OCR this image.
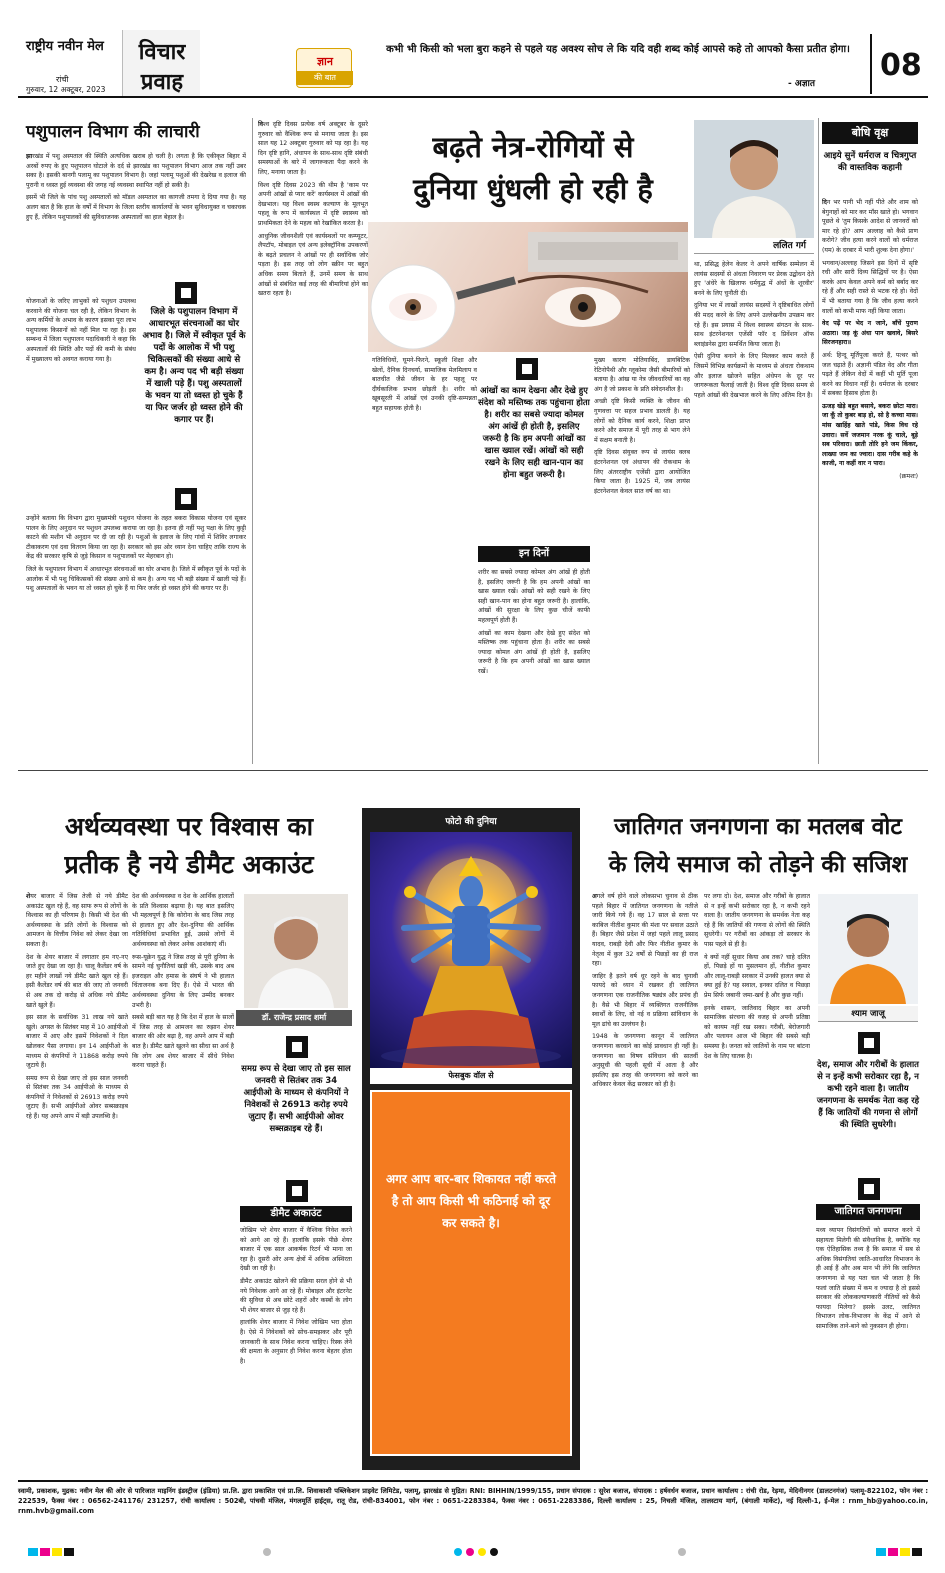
राष्ट्रीय नवीन मेल
रांची
गुरुवार, 12 अक्टूबर, 2023
विचार
प्रवाह
ज्ञान
की बात
कभी भी किसी को भला बुरा कहने से पहले यह अवश्य सोच ले कि यदि वही शब्द कोई आपसे कहे तो आपको कैसा प्रतीत होगा।
- अज्ञात
08
पशुपालन विभाग की लाचारी

झारखंड में पशु अस्पताल की स्थिति अत्यधिक खराब हो चली है। लगता है कि एकीकृत बिहार में अरबों रुपए के हुए पशुपालन घोटाले के दर्द से झारखंड का पशुपालन विभाग आज तक नहीं उबर सका है। इसकी बानगी पलामू का पशुपालन विभाग है। जहां पलामू पशुओं की देखरेख व इलाज की पुरानी व ध्वस्त हुई व्यवस्था की जगह नई व्यवस्था स्थापित नहीं हो सकी है।

इसमें भी जिले के पांच पशु अस्पतालों को मॉडल अस्पताल का कागजी तमगा दे दिया गया है। यह अलग बात है कि हाल के वर्षों में विभाग के जिला स्तरीय कार्यालयों के भवन सुविधायुक्त व चकाचक हुए हैं, लेकिन पशुपालकों की सुविधाजनक अस्पतालों का हाल बेहाल है।

योजनाओं के जरिए लाभुकों को पशुधन उपलब्ध करवाने की योजना चल रही है, लेकिन विभाग के अन्य कर्मियों के अभाव के कारण इसका पूरा लाभ पशुपालक किसानों को नहीं मिल पा रहा है। इस सम्बन्ध में जिला पशुपालन पदाधिकारी ने कहा कि अस्पतालों की स्थिति और पदों की कमी के संबंध में मुख्यालय को अवगत कराया गया है।

जिले के पशुपालन विभाग में आधारभूत संरचनाओं का घोर अभाव है। जिले में स्वीकृत पूर्व के पदों के आलोक में भी पशु चिकित्सकों की संख्या आधे से कम है। अन्य पद भी बड़ी संख्या में खाली पड़े हैं। पशु अस्पतालों के भवन या तो ध्वस्त हो चुके हैं या फिर जर्जर हो ध्वस्त होने की कगार पर हैं।

उन्होंने बताया कि विभाग द्वारा मुख्यमंत्री पशुधन योजना के तहत बकरा विकास योजना एवं सूकर पालन के लिए अनुदान पर पशुधन उपलब्ध कराया जा रहा है। इतना ही नहीं पशु पक्षा के लिए कुट्टी काटने की मशीन भी अनुदान पर दी जा रही है। पशुओं के इलाज के लिए गांवों में शिविर लगाकर टीकाकरण एवं दवा वितरण किया जा रहा है। सरकार को इस ओर ध्यान देना चाहिए ताकि राज्य के केंद्र की सरकार कृषि से जुड़े किसान व पशुपालकों पर मेहरबान हो।

जिले के पशुपालन विभाग में आधारभूत संरचनाओं का घोर अभाव है। जिले में स्वीकृत पूर्व के पदों के आलोक में भी पशु चिकित्सकों की संख्या आधे से कम है। अन्य पद भी बड़ी संख्या में खाली पड़े हैं। पशु अस्पतालों के भवन या तो ध्वस्त हो चुके हैं या फिर जर्जर हो ध्वस्त होने की कगार पर हैं।

विश्व दृष्टि दिवस प्रत्येक वर्ष अक्टूबर के दूसरे गुरुवार को वैश्विक रूप से मनाया जाता है। इस साल यह 12 अक्टूबर गुरुवार को पड़ रहा है। यह दिन दृष्टि हानि, अंधापन के साथ-साथ दृष्टि संबंधी समस्याओं के बारे में जागरूकता पैदा करने के लिए, मनाया जाता है।

विश्व दृष्टि दिवस 2023 की थीम है 'काम पर अपनी आंखों से प्यार करें' कार्यस्थल में आंखों की देखभाल। यह विश्व स्वस्थ कल्याण के मूलभूत पहलू के रूप में कार्यस्थल में दृष्टि स्वास्थ्य को प्राथमिकता देने के महत्व को रेखांकित करता है।

आधुनिक जीवनशैली एवं कार्यस्थलों पर कम्प्यूटर, लैपटॉप, मोबाइल एवं अन्य इलेक्ट्रॉनिक उपकरणों के बढ़ते प्रचलन ने आंखों पर ही सर्वाधिक जोर पड़ता है। इस तरह जो लोग स्क्रीन पर बहुत अधिक समय बिताते हैं, उनमें समय के साथ आंखों से संबंधित कई तरह की बीमारियां होने का खतरा रहता है।

बढ़ते नेत्र-रोगियों से
दुनिया धुंधली हो रही है
ललित गर्ग

गतिविधियों, घूमने-फिरने, स्कूली शिक्षा और खेलों, दैनिक दिनचर्या, सामाजिक मेलमिलाप व बातचीत जैसे जीवन के हर पहलू पर दीर्घकालिक प्रभाव छोड़ती है। शरीर को खूबसूरती में आंखों एवं उनकी दृष्टि-सम्पन्नता बहुत सहायक होती है।

आंखों का काम देखना और देखे हुए संदेश को मस्तिष्क तक पहुंचाना होता है। शरीर का सबसे ज्यादा कोमल अंग आंखें ही होती है, इसलिए जरूरी है कि हम अपनी आंखों का खास ख्याल रखें। आंखों को सही रखने के लिए सही खान-पान का होना बहुत जरूरी है।
इन दिनों

शरीर का सबसे ज्यादा कोमल अंग आंखें ही होती है, इसलिए जरूरी है कि हम अपनी आंखों का खास ख्याल रखें। आंखों को सही रखने के लिए सही खान-पान का होना बहुत जरूरी है। हालांकि, आंखों की सुरक्षा के लिए कुछ चीजें काफी महत्वपूर्ण होती हैं।

आंखों का काम देखना और देखे हुए संदेश को मस्तिष्क तक पहुंचाना होता है। शरीर का सबसे ज्यादा कोमल अंग आंखें ही होती है, इसलिए जरूरी है कि हम अपनी आंखों का खास ख्याल रखें।

मुख्य कारण मोतियाबिंद, डायबिटिक रेटिनोपैथी और ग्लूकोमा जैसी बीमारियों को बताया है। आंख या नेत्र जीवधारियों का वह अंग है जो प्रकाश के प्रति संवेदनशील है।

अच्छी दृष्टि किसी व्यक्ति के जीवन की गुणवत्ता पर सहज प्रभाव डालती है। यह लोगों को दैनिक कार्य करने, शिक्षा प्राप्त करने और समाज में पूरी तरह से भाग लेने में सक्षम बनाती है।

दृष्टि दिवस संयुक्त रूप से लायंस क्लब इंटरनेशनल एवं अंधापन की रोकथाम के लिए अंतरराष्ट्रीय एजेंसी द्वारा आयोजित किया जाता है। 1925 में, जब लायंस इंटरनेशनल केवल सात वर्ष का था।

था, प्रसिद्ध हेलेन केलर ने अपने वार्षिक सम्मेलन में लायंस सदस्यों से अंधता निवारण पर प्रेरक उद्बोधन देते हुए 'अंधेरे के खिलाफ धर्मयुद्ध में अंधों के शूरवीर' बनने के लिए चुनौती दी।

दुनिया भर में लाखों लायंस सदस्यों ने दृष्टिबाधित लोगों की मदद करने के लिए अपने उल्लेखनीय उपक्रम कर रहे हैं। इस प्रयास में विश्व स्वास्थ्य संगठन के साथ-साथ इंटरनेशनल एजेंसी फॉर द प्रिवेंशन ऑफ ब्लाइंडनेस द्वारा समर्थित किया जाता है।

ऐसी दुनिया बनाने के लिए मिलकर काम करते हैं जिसमें विभिन्न कार्यक्रमों के माध्यम से अंधता रोकथाम और इलाज खोजने सहित अंधेपन के दूर पर जागरूकता फैलाई जाती है। विश्व दृष्टि दिवस समय से पहले आंखों की देखभाल करने के लिए अंतिम दिन है।

बोधि वृक्ष
आइये सुनें धर्मराज व चित्रगुप्त की वास्तविक कहानी

दिन भर पानी भी नहीं पीते और शाम को बेगुनाहों को मार कर मॉस खाते हो। भगवान पूछते थे 'तुम किसके आदेश से जानवरों को मार रहे हो? आप अल्लाह को कैसे प्राण करोगे? जीव हत्या करने वालों को धर्मराज (यम) के दरबार में भारी शुल्क देना होगा।'

भगवान/अल्लाह जिसने इस दिनों में सृष्टि रची और सारी दिव्य सिद्धियों पर है। ऐसा करके आप केवल अपने कर्म को बर्बाद कर रहे हैं और सही रास्ते से भटक रहे हो। वेदों में भी बताया गया है कि जीव हत्या करने वालों को कभी माफ नहीं किया जाता।

वेद पढ़ें पर भेद न जाने, बाँचें पुराण अठारा। जड़ कूं अंधा पान खवावे, बिसरे सिरजनहारा॥

अर्थ: हिन्दू मूर्तिपूजा करते हैं, पत्थर को जल चढ़ाते हैं। अज्ञानी पंडित वेद और गीता पढ़ते हैं लेकिन वेदों में कहीं भी मूर्ति पूजा करने का विधान नहीं है। धर्मराज के दरबार में सबका हिसाब होता है।

ऊजड़ खेड़े बहुत बसाये, बकरा छोटा मारा। जा कूँ तो कुबर बाड़ हो, सो है कच्चा मास। मांस खाहिंह खाते पांडे, किस विध रहे उवारा। सर्वे जजमान नरक कूं चाले, बूड़े सब परिवारा। छाती तोरि हने जम किंकर, लाख्या जम का ज्वारा। दास गरीब कहे के काजी, ना कहीं वार न पारा।

(क्रमशः)

अर्थव्यवस्था पर विश्वास का
प्रतीक है नये डीमैट अकाउंट

शेयर बाजार में जिस तेजी से नये डीमैट अकाउंट खुल रहे हैं, वह साफ रूप से लोगों के विश्वास का ही परिणाम है। किसी भी देश की अर्थव्यवस्था के प्रति लोगों के विश्वास को आमजन के वित्तीय निवेश को लेकर देखा जा सकता है।

देश के शेयर बाजार में लगातार हम नए-नए जाते हुए देखा जा रहा है। चालू कैलेंडर वर्ष के हर महीने लाखों नये डीमैट खाते खुल रहे हैं। इसी कैलेंडर वर्ष की बात की जाए तो जनवरी से अब तक दो करोड़ से अधिक नये डीमैट खाते खुले हैं।

इस साल के सर्वाधिक 31 लाख नये खाते खुले। अगस्त के सितंबर माह में 10 आईपीओ बाजार में आए और इसमें निवेशकों ने दिल खोलकर पैसा लगाया। इन 14 आईपीओ के माध्यम से कंपनियों ने 11868 करोड़ रुपये जुटाये हैं।

समग्र रूप से देखा जाए तो इस साल जनवरी से सितंबर तक 34 आईपीओ के माध्यम से कंपनियों ने निवेशकों से 26913 करोड़ रुपये जुटाए हैं। सभी आईपीओ ओवर सब्सक्राइब रहे हैं। यह अपने आप में बड़ी उपलब्धि है।

देश की अर्थव्यवस्था व देश के आर्थिक हालातों के प्रति विश्वास बढ़ाया है। यह बात इसलिए भी महत्वपूर्ण है कि कोरोना के बाद जिस तरह से हालात हुए और देश-दुनिया की आर्थिक गतिविधियां प्रभावित हुई, उससे लोगों में अर्थव्यवस्था को लेकर अनेक आशंकाएं थीं।

रूस-यूक्रेन युद्ध ने जिस तरह से पूरी दुनिया के सामने नई चुनौतियां खड़ी की, उसके बाद अब इजराइल और हमास के संघर्ष ने भी हालात चिंताजनक बना दिए हैं। ऐसे में भारत की अर्थव्यवस्था दुनिया के लिए उम्मीद बनकर उभरी है।

सबसे बड़ी बात यह है कि देश में हाल के सालों में जिस तरह से आमजन का रुझान शेयर बाजार की ओर बढ़ा है, वह अपने आप में बड़ी बात है। डीमैट खाते खुलने का सीधा सा अर्थ है कि लोग अब शेयर बाजार में सीधे निवेश करना चाहते हैं।

डॉ. राजेन्द्र प्रसाद शर्मा
समग्र रूप से देखा जाए तो इस साल जनवरी से सितंबर तक 34 आईपीओ के माध्यम से कंपनियों ने निवेशकों से 26913 करोड़ रुपये जुटाए हैं। सभी आईपीओ ओवर सब्सक्राइब रहे हैं।
डीमैट अकाउंट

जोखिम भरे शेयर बाजार में वैश्विक निवेश करने को आगे आ रहे हैं। हालांकि इसके पीछे शेयर बाजार में एक साल आकर्षक रिटर्न भी माना जा रहा है। दूसरी ओर अन्य क्षेत्रों में अधिक अस्थिरता देखी जा रही है।

डीमैट अकाउंट खोलने की प्रक्रिया सरल होने से भी नये निवेशक आगे आ रहे हैं। मोबाइल और इंटरनेट की सुविधा से अब छोटे शहरों और कस्बों के लोग भी शेयर बाजार से जुड़ रहे हैं।

हालांकि शेयर बाजार में निवेश जोखिम भरा होता है। ऐसे में निवेशकों को सोच-समझकर और पूरी जानकारी के साथ निवेश करना चाहिए। रिस्क लेने की क्षमता के अनुसार ही निवेश करना बेहतर होता है।

फोटो की दुनिया
फेसबुक वॉल से
अगर आप बार-बार शिकायत नहीं करते है तो आप किसी भी कठिनाई को दूर कर सकते है।
जातिगत जनगणना का मतलब वोट
के लिये समाज को तोड़ने की सजिश

अगले वर्ष होने वाले लोकसभा चुनाव से ठीक पहले बिहार में जातिगत जनगणना के नतीजे जारी किये गये हैं। वह 17 साल से सत्ता पर काबिज नीतीश कुमार की मंशा पर सवाल उठाते हैं। बिहार जैसे प्रदेश में जहां पहले लालू प्रसाद यादव, राबड़ी देवी और फिर नीतीश कुमार के नेतृत्व में कुल 32 वर्षों से पिछड़ों का ही राज रहा।

जाहिर है इतने वर्ष धूर रहने के बाद चुनावी फायदे को ध्यान में रखकर ही जातिगत जनगणना एक राजनीतिक षड्यंत्र और प्रपंच ही है। वैसे भी बिहार में व्यक्तिगत राजनीतिक स्वार्थों के लिए, वो नई व प्रक्रिया सांविधान के मूल ढांचे का उल्लंघन है।

1948 के जनगणना कानून में जातिगत जनगणना करवाने का कोई प्रावधान ही नहीं है। जनगणना का विषय संविधान की सातवीं अनुसूची की पहली सूची में आता है और इसलिए इस तरह की जनगणना को करने का अधिकार केवल केंद्र सरकार को ही है।

पर लगा दो। देश, समाज और गरीबों के हालात से न इन्हें कभी सरोकार रहा है, न कभी रहने वाला है। जातीय जनगणना के समर्थक नेता कह रहे हैं कि जातियों की गणना से लोगों की स्थिति सुधरेगी। पर गरीबों का आंकड़ा तो सरकार के पास पहले से ही है।

ये क्यों नहीं सुधार किया अब तक? चाहे दलित हों, पिछड़े हों या मुसलमान हों, नीतीश कुमार और लालू-राबड़ी सरकार में उनकी हालत क्या से क्या हुई है? यह सवाल, इनका दलित व पिछड़ा प्रेम सिर्फ जबानी जमा-खर्च है और कुछ नहीं।

इनके शासन, जातिवाद बिहार का अपनी सामाजिक संरचना की वजह से अपनी प्रतिष्ठा को कायम नहीं रख सका। गरीबी, बेरोजगारी और पलायन आज भी बिहार की सबसे बड़ी समस्या है। जनता को जातियों के नाम पर बांटना देश के लिए घातक है।

श्याम जाजू
देश, समाज और गरीबों के हालात से न इन्हें कभी सरोकार रहा है, न कभी रहने वाला है। जातीय जनगणना के समर्थक नेता कह रहे हैं कि जातियों की गणना से लोगों की स्थिति सुधरेगी।
जातिगत जनगणना

मध्य व्यापन विसंगतियों को समाप्त करने में सहायता मिलेगी की संवैधानिक है, क्योंकि यह एक ऐतिहासिक तथ्य है कि समाज में सब से अधिक विसंगतियां जाति-आधारित विभाजन के ही आई हैं और अब मान भी लेंगे कि जातिगत जनगणना से यह पता चल भी जाता है कि फलां जाति संख्या में कम व ज्यादा है तो इससे सरकार की लोककल्याणकारी नीतियों को कैसे फायदा मिलेगा? इसके उलट, जातिगत विभाजन लोक-विभाजन के केंद्र में आने से सामाजिक ताने-बाने को नुकसान ही होगा।

स्वामी, प्रकाशक, मुद्रक: नवीन मेल की ओर से पारिजात माइनिंग इंडस्ट्रीज (इंडिया) प्रा.लि. द्वारा प्रकाशित एवं प्रा.लि. शिवाकाशी पब्लिकेशन प्राइवेट लिमिटेड, पलामू, झारखंड से मुद्रित। RNI: BIHHIN/1999/155, प्रधान संपादक : सुरेश बजाज, संपादक : हर्षवर्धन बजाज, प्रधान कार्यालय : रांची रोड, रेड़मा, मेदिनीनगर (डालटनगंज) पलामू-822102, फोन नंबर : 222539, फैक्स नंबर : 06562-241176/ 231257, रांची कार्यालय : 502बी, पांचवी मंजिल, मंगलमूर्ति हाईट्स, रातू रोड, रांची-834001, फोन नंबर : 0651-2283384, फैक्स नंबर : 0651-2283386, दिल्ली कार्यालय : 25, निचली मंजिल, तालस्टाय मार्ग, (बंगाली मार्केट), नई दिल्ली-1, ई-मेल : rnm_hb@yahoo.co.in, rnm.hvb@gmail.com
